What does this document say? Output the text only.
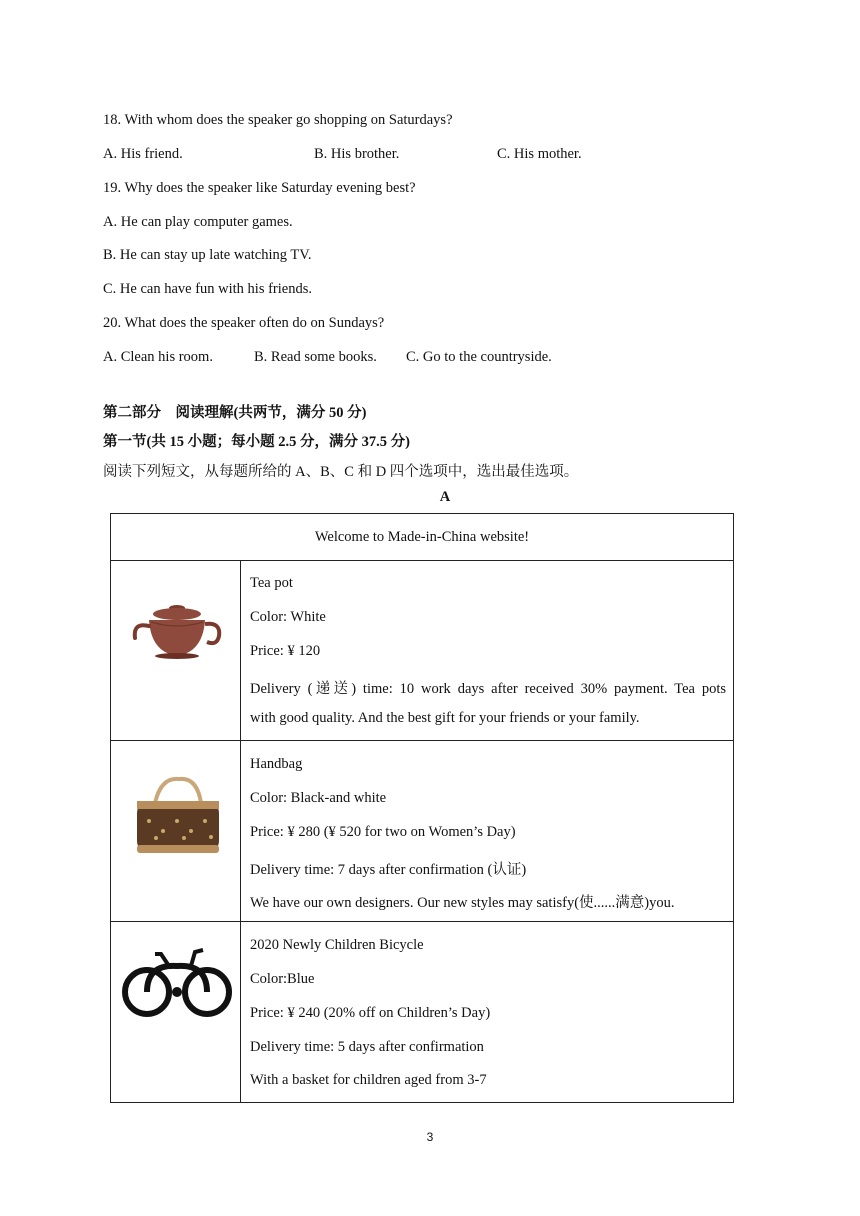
18. With whom does the speaker go shopping on Saturdays?
A. His friend.	B. His brother.	C. His mother.
19. Why does the speaker like Saturday evening best?
A. He can play computer games.
B. He can stay up late watching TV.
C. He can have fun with his friends.
20. What does the speaker often do on Sundays?
A. Clean his room.	B. Read some books. C. Go to the countryside.
第二部分　阅读理解(共两节，满分 50 分)
第一节(共 15 小题；每小题 2.5 分，满分 37.5 分)
阅读下列短文，从每题所给的 A、B、C 和 D 四个选项中，选出最佳选项。
A
Welcome to Made-in-China website!
Tea pot
Color: White
Price: ¥ 120
Delivery (递送) time: 10 work days after received 30% payment. Tea pots
with good quality. And the best gift for your friends or your family.
Handbag
Color: Black-and white
Price: ¥ 280 (¥ 520 for two on Women’s Day)
Delivery time: 7 days after confirmation (认证)
We have our own designers. Our new styles may satisfy(使......满意)you.
2020 Newly Children Bicycle
Color:Blue
Price: ¥ 240 (20% off on Children’s Day)
Delivery time: 5 days after confirmation
With a basket for children aged from 3-7
3
